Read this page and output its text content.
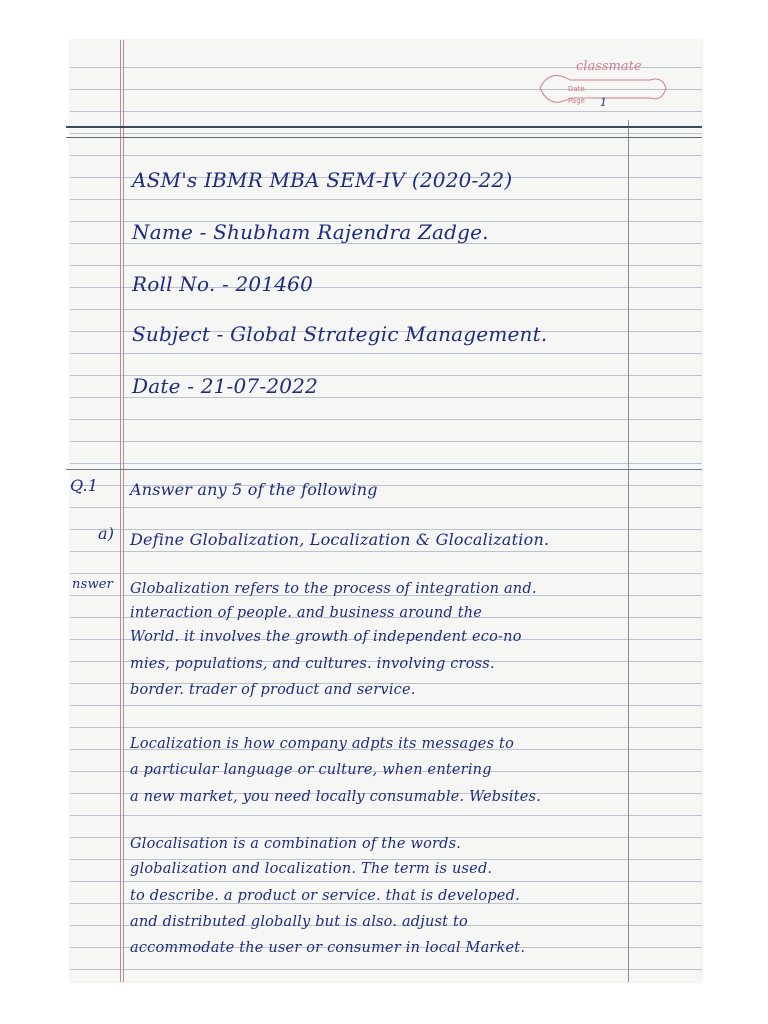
classmate
Date
Page 1
ASM's IBMR MBA SEM-IV (2020-22)
Name - Shubham Rajendra Zadge.
Roll No. - 201460
Subject - Global Strategic Management.
Date - 21-07-2022
Q.1 Answer any 5 of the following
a) Define Globalization, Localization & Glocalization.
nswer Globalization refers to the process of integration and.
interaction of people. and business around the
World. it involves the growth of independent eco-no
mies, populations, and cultures. involving cross.
border. trader of product and service.
Localization is how company adpts its messages to
a particular language or culture, when entering
a new market, you need locally consumable. Websites.
Glocalisation is a combination of the words.
globalization and localization. The term is used.
to describe. a product or service. that is developed.
and distributed globally but is also. adjust to
accommodate the user or consumer in local Market.
